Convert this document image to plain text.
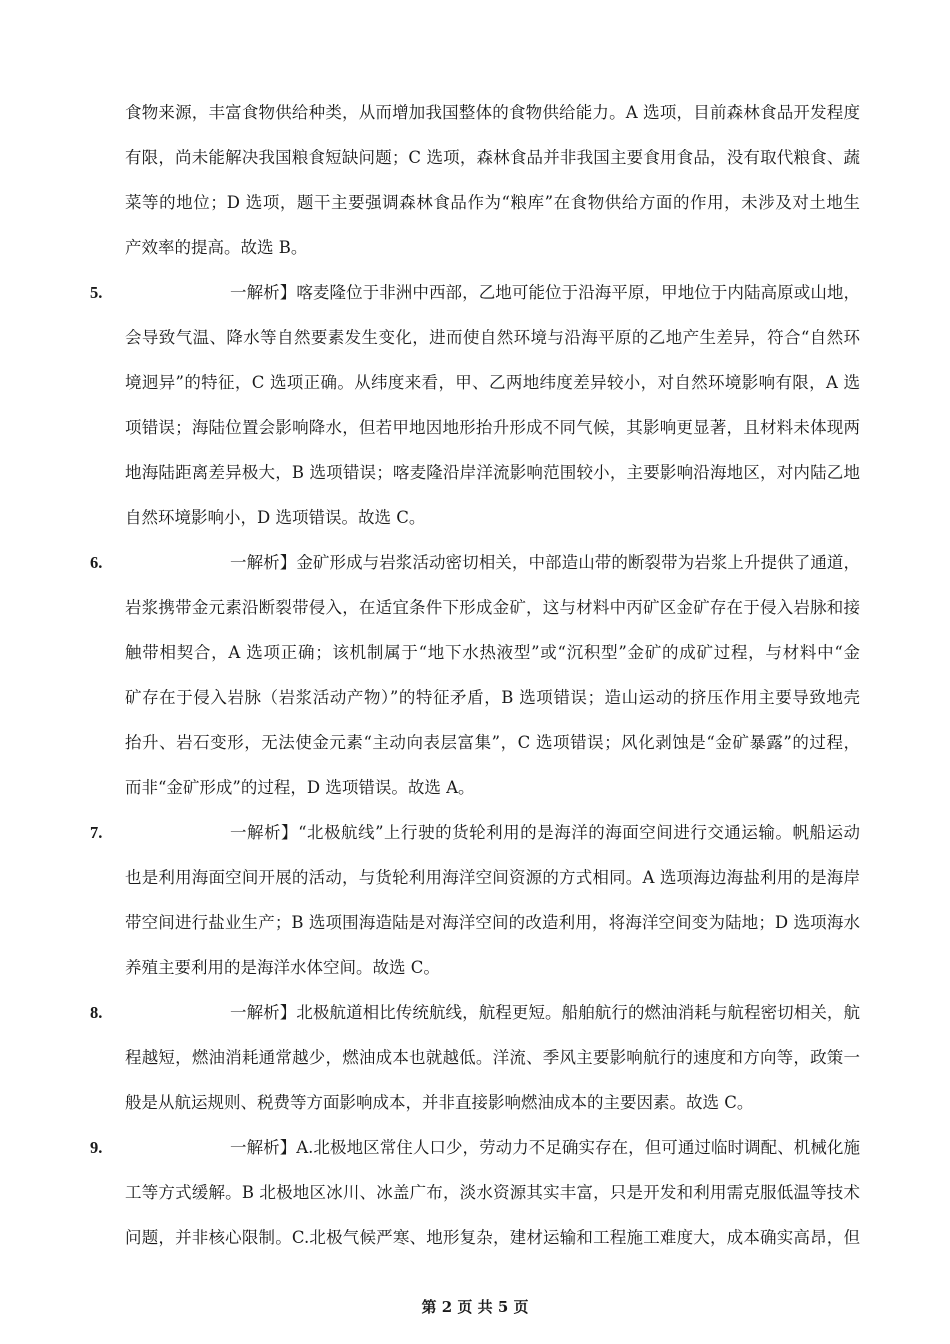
食物来源，丰富食物供给种类，从而增加我国整体的食物供给能力。A 选项，目前森林食品开发程度
有限，尚未能解决我国粮食短缺问题；C 选项，森林食品并非我国主要食用食品，没有取代粮食、蔬
菜等的地位；D 选项，题干主要强调森林食品作为“粮库”在食物供给方面的作用，未涉及对土地生
产效率的提高。故选 B。
5.	一解析】喀麦隆位于非洲中西部，乙地可能位于沿海平原，甲地位于内陆高原或山地，
会导致气温、降水等自然要素发生变化，进而使自然环境与沿海平原的乙地产生差异，符合“自然环
境迥异”的特征，C 选项正确。从纬度来看，甲、乙两地纬度差异较小，对自然环境影响有限，A 选
项错误；海陆位置会影响降水，但若甲地因地形抬升形成不同气候，其影响更显著，且材料未体现两
地海陆距离差异极大，B 选项错误；喀麦隆沿岸洋流影响范围较小，主要影响沿海地区，对内陆乙地
自然环境影响小，D 选项错误。故选 C。
6.	一解析】金矿形成与岩浆活动密切相关，中部造山带的断裂带为岩浆上升提供了通道，
岩浆携带金元素沿断裂带侵入，在适宜条件下形成金矿，这与材料中丙矿区金矿存在于侵入岩脉和接
触带相契合，A 选项正确；该机制属于“地下水热液型”或“沉积型”金矿的成矿过程，与材料中“金
矿存在于侵入岩脉（岩浆活动产物）”的特征矛盾，B 选项错误；造山运动的挤压作用主要导致地壳
抬升、岩石变形，无法使金元素“主动向表层富集”，C 选项错误；风化剥蚀是“金矿暴露”的过程，
而非“金矿形成”的过程，D 选项错误。故选 A。
7.	一解析】“北极航线”上行驶的货轮利用的是海洋的海面空间进行交通运输。帆船运动
也是利用海面空间开展的活动，与货轮利用海洋空间资源的方式相同。A 选项海边海盐利用的是海岸
带空间进行盐业生产；B 选项围海造陆是对海洋空间的改造利用，将海洋空间变为陆地；D 选项海水
养殖主要利用的是海洋水体空间。故选 C。
8.	一解析】北极航道相比传统航线，航程更短。船舶航行的燃油消耗与航程密切相关，航
程越短，燃油消耗通常越少，燃油成本也就越低。洋流、季风主要影响航行的速度和方向等，政策一
般是从航运规则、税费等方面影响成本，并非直接影响燃油成本的主要因素。故选 C。
9.	一解析】A.北极地区常住人口少，劳动力不足确实存在，但可通过临时调配、机械化施
工等方式缓解。B 北极地区冰川、冰盖广布，淡水资源其实丰富，只是开发和利用需克服低温等技术
问题，并非核心限制。C.北极气候严寒、地形复杂，建材运输和工程施工难度大，成本确实高昂，但
第 2 页 共 5 页
